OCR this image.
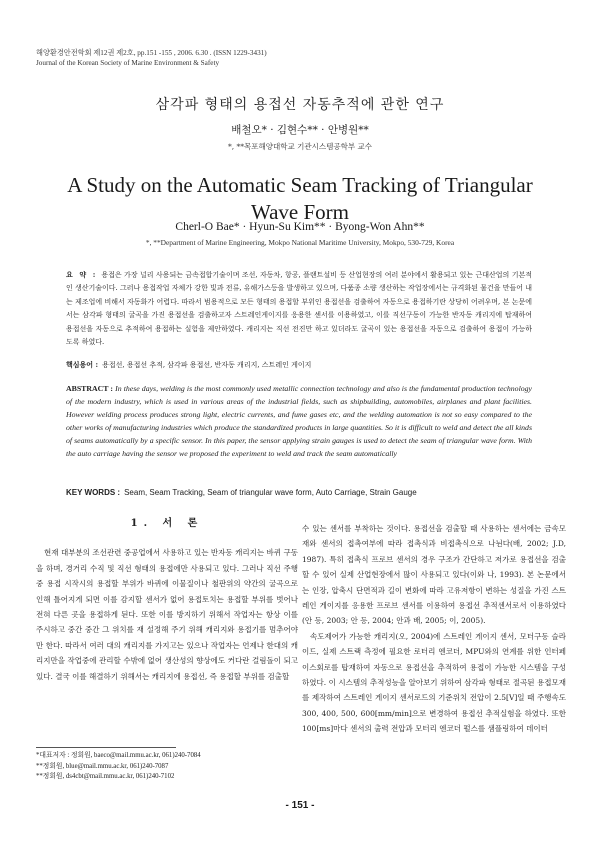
해양환경안전학회 제12권 제2호, pp.151 -155 , 2006. 6.30 . (ISSN 1229-3431)
Journal of the Korean Society of Marine Environment & Safety
삼각파 형태의 용접선 자동추적에 관한 연구
배철오* · 김현수** · 안병원**
*, **목포해양대학교 기관시스템공학부 교수
A Study on the Automatic Seam Tracking of Triangular Wave Form
Cherl-O Bae* · Hyun-Su Kim** · Byong-Won Ahn**
*, **Department of Marine Engineering, Mokpo National Maritime University, Mokpo, 530-729, Korea
요 약 : 용접은 가장 널리 사용되는 금속접합기술이며 조선, 자동차, 항공, 플랜트설비 등 산업현장의 여러 분야에서 활용되고 있는 근대산업의 기본적인 생산기술이다. 그러나 용접작업 자체가 강한 빛과 전류, 유해가스등을 발생하고 있으며, 다품종 소량 생산하는 작업장에서는 규격화된 물건을 만들어 내는 제조업에 비해서 자동화가 어렵다. 따라서 범용적으로 모든 형태의 용접할 부위인 용접선을 검출하여 자동으로 용접하기란 상당히 어려우며, 본 논문에서는 삼각파 형태의 굴곡을 가진 용접선을 검출하고자 스트레인게이지를 응용한 센서를 이용하였고, 이를 직선구동이 가능한 반자동 캐리지에 탑재하여 용접선을 자동으로 추적하여 용접하는 실험을 제안하였다. 캐리지는 직선 전진만 하고 있더라도 굴곡이 있는 용접선을 자동으로 검출하여 용접이 가능하도록 하였다.
핵심용어 : 용접선, 용접선 추적, 삼각파 용접선, 반자동 캐리지, 스트레인 게이지
ABSTRACT : In these days, welding is the most commonly used metallic connection technology and also is the fundamental production technology of the modern industry, which is used in various areas of the industrial fields, such as shipbuilding, automobiles, airplanes and plant facilities. However welding process produces strong light, electric currents, and fume gases etc, and the welding automation is not so easy compared to the other works of manufacturing industries which produce the standardized products in large quantities. So it is difficult to weld and detect the all kinds of seams automatically by a specific sensor. In this paper, the sensor applying strain gauges is used to detect the seam of triangular wave form. With the auto carriage having the sensor we proposed the experiment to weld and track the seam automatically
KEY WORDS : Seam, Seam Tracking, Seam of triangular wave form, Auto Carriage, Strain Gauge
1. 서 론

현재 대부분의 조선관련 중공업에서 사용하고 있는 반자동 캐리지는 바퀴 구동을 하며, 경거리 수직 및 직선 형태의 용접에만 사용되고 있다. 그러나 직선 주행 중 용접 시작시의 용접할 부위가 바퀴에 이물질이나 철판위의 약간의 굴곡으로 인해 틀어지게 되면 이를 감지할 센서가 없어 용접토치는 용접할 부위를 벗어나 전혀 다른 곳을 용접하게 된다. 또한 이를 방지하기 위해서 작업자는 항상 이를 주시하고 중간 중간 그 위치를 재 설정해 주기 위해 캐리지와 용접기를 멈추어야만 한다. 따라서 여러 대의 캐리지를 가지고는 있으나 작업자는 언제나 한대의 캐리지만을 작업중에 관리할 수밖에 없어 생산성의 향상에도 커다란 걸림돌이 되고 있다. 결국 이를 해결하기 위해서는 캐리지에 용접선, 즉 용접할 부위를 검출할

수 있는 센서를 부착하는 것이다. 용접선을 검출할 때 사용하는 센서에는 금속모재와 센서의 접촉여부에 따라 접촉식과 비접촉식으로 나뉜다(배, 2002; J.D, 1987). 특히 접촉식 프로브 센서의 경우 구조가 간단하고 저가로 용접선을 검출할 수 있어 실제 산업현장에서 많이 사용되고 있다(이와 나, 1993). 본 논문에서는 인장, 압축시 단면적과 길이 변화에 따라 고유저항이 변하는 성질을 가진 스트레인 게이지를 응용한 프로브 센서를 이용하여 용접선 추적센서로서 이용하였다(안 등, 2003; 안 등, 2004; 안과 배, 2005; 이, 2005).

속도제어가 가능한 캐리지(오, 2004)에 스트레인 게이지 센서, 모터구동 슬라이드, 실제 스트랙 측정에 필요한 로터리 엔코더, MPU와의 연계를 위한 인터페이스회로를 탑재하여 자동으로 용접선을 추적하여 용접이 가능한 시스템을 구성하였다. 이 시스템의 추적성능을 알아보기 위하여 삼각파 형태로 절곡된 용접모재를 제작하여 스트레인 게이지 센서로드의 기준위치 전압이 2.5[V]일 때 주행속도 300, 400, 500, 600[mm/min]으로 변경하여 용접선 추적실험을 하였다. 또한 100[ms]마다 센서의 출력 전압과 모터리 엔코더 펄스를 샘플링하여 데이터

*대표저자 : 정회원, baeco@mail.mmu.ac.kr, 061)240-7084
**정회원, blue@mail.mmu.ac.kr, 061)240-7087
**정회원, ds4cbt@mail.mmu.ac.kr, 061)240-7102
- 151 -
